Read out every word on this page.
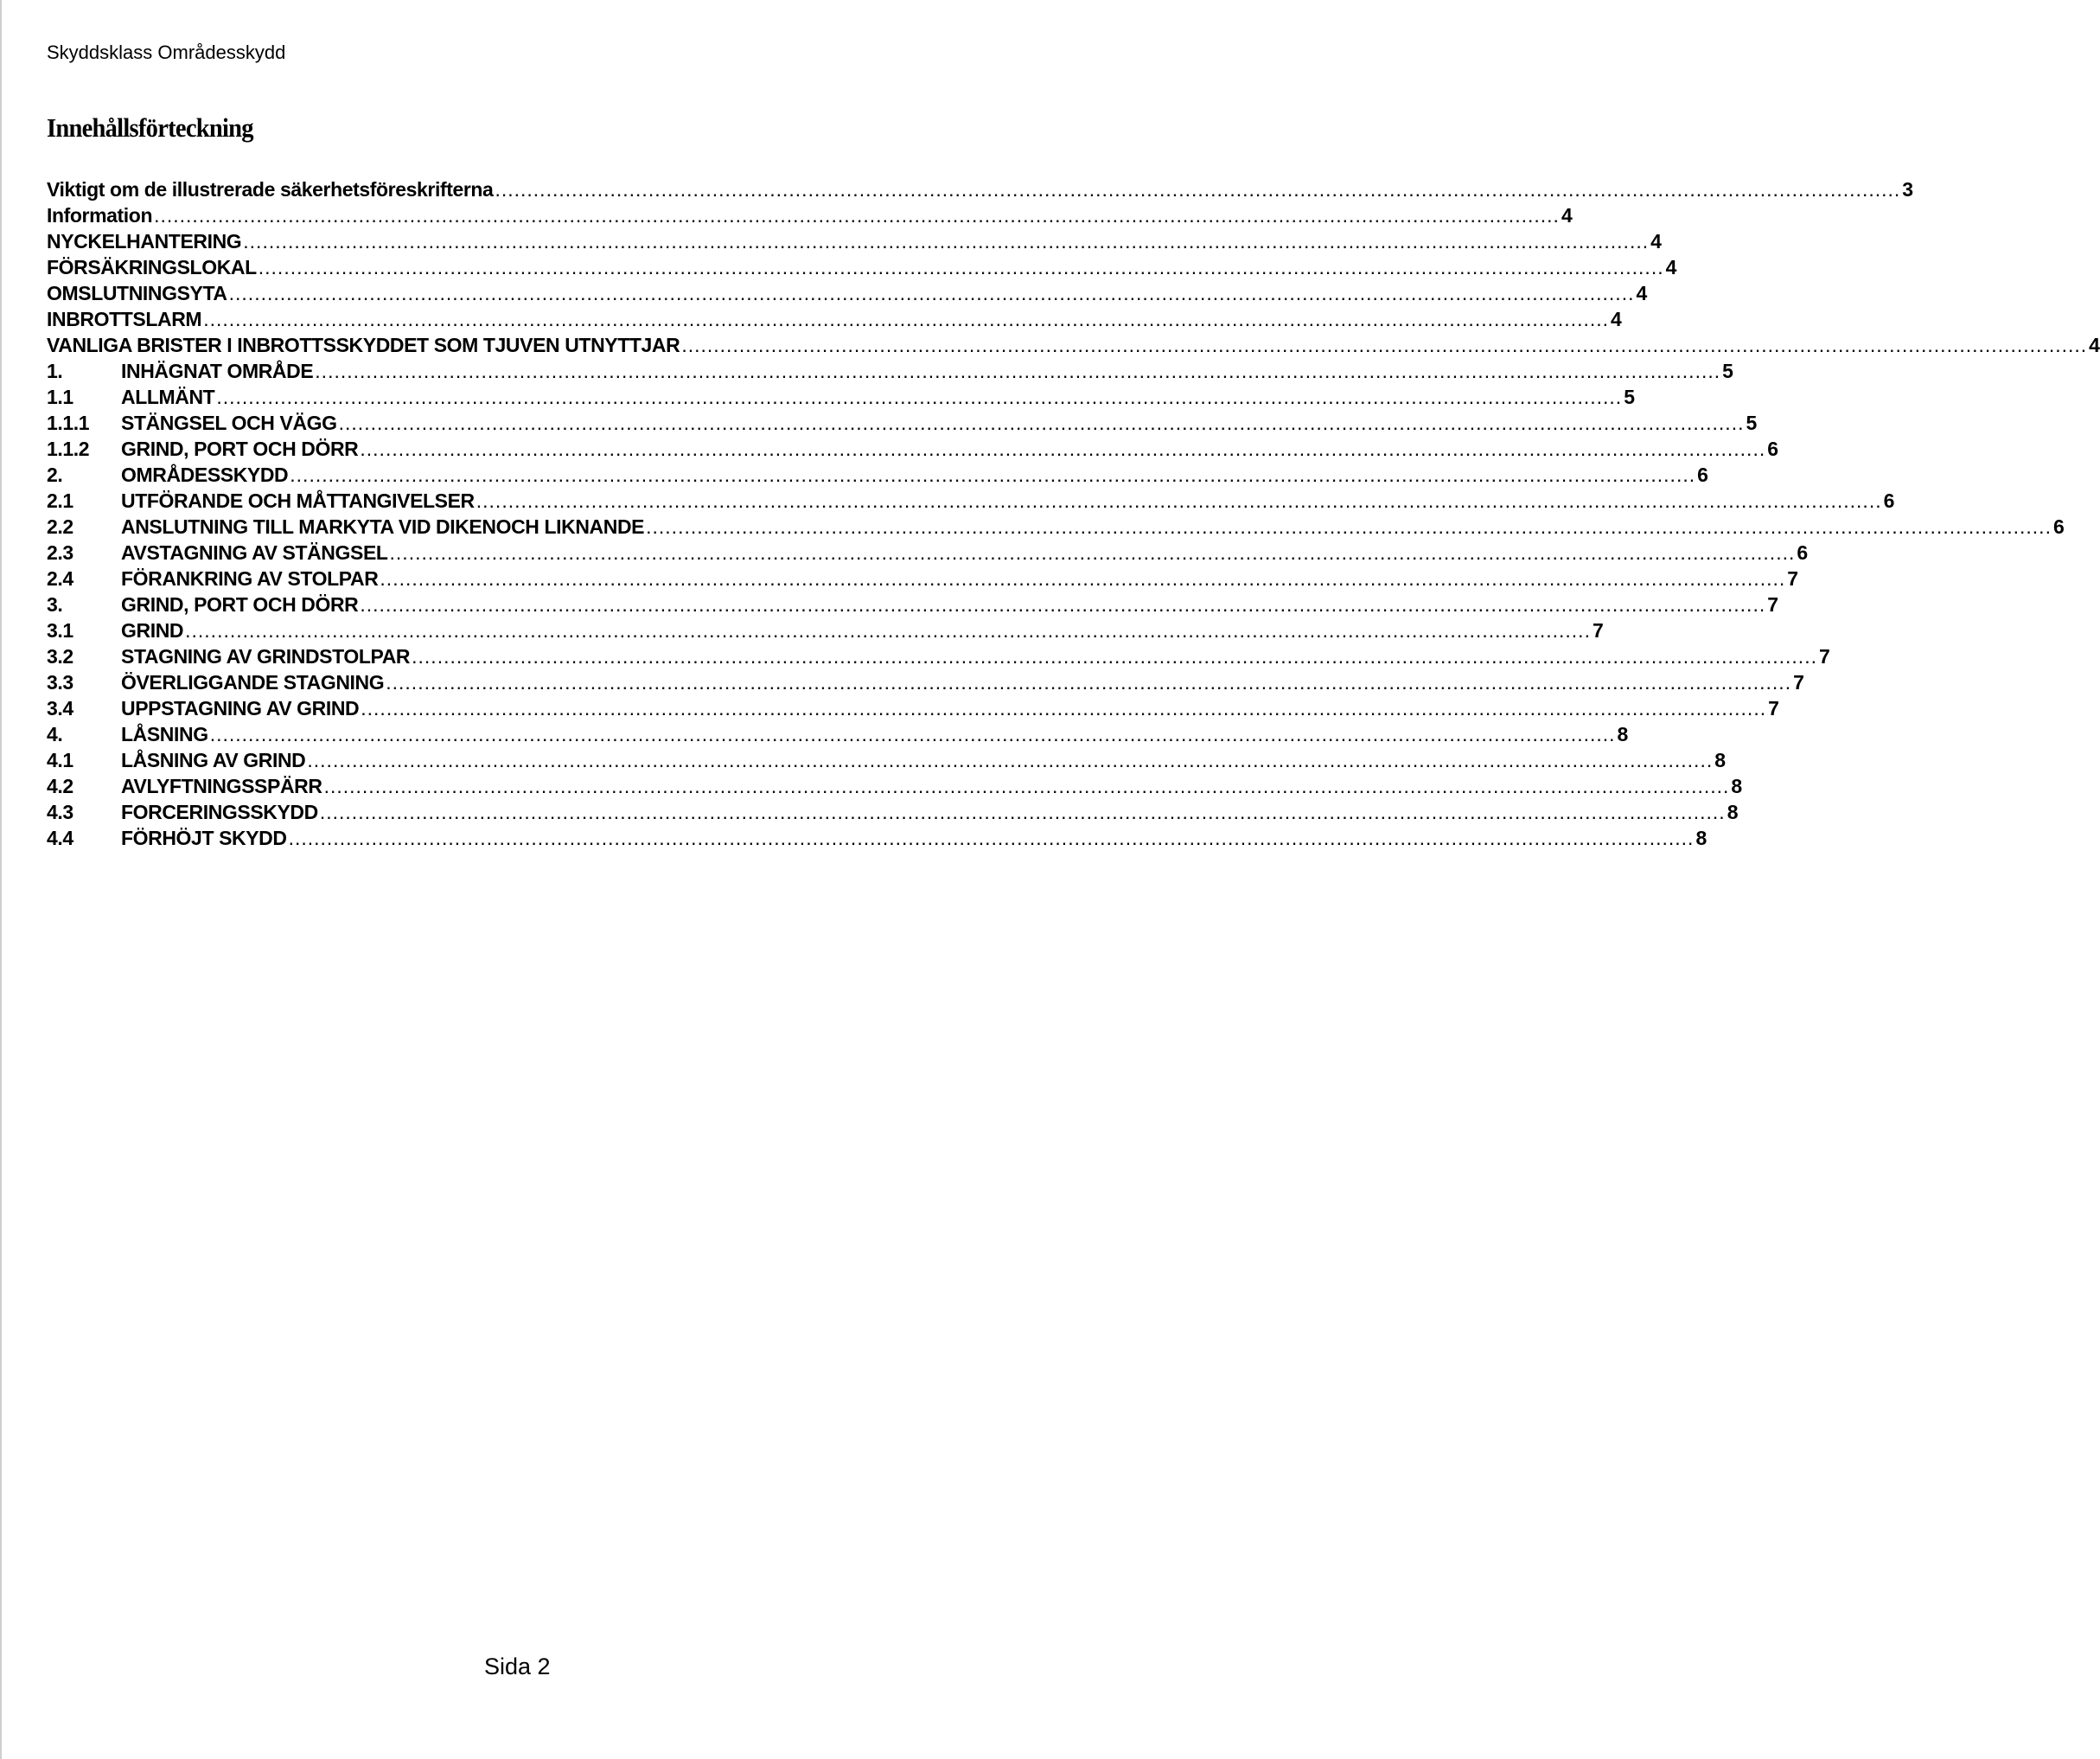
Skyddsklass Områdesskydd

Innehållsförteckning
Viktigt om de illustrerade säkerhetsföreskrifterna ............................................................................................................................................................................................................................ 3
Information ............................................................................................................................................................................................................................ 4
NYCKELHANTERING ............................................................................................................................................................................................................................ 4
FÖRSÄKRINGSLOKAL ............................................................................................................................................................................................................................ 4
OMSLUTNINGSYTA ............................................................................................................................................................................................................................ 4
INBROTTSLARM ............................................................................................................................................................................................................................ 4
VANLIGA BRISTER I INBROTTSSKYDDET SOM TJUVEN UTNYTTJAR ............................................................................................................................................................................................................................ 4
1.	INHÄGNAT OMRÅDE ............................................................................................................................................................................................................................ 5
1.1	ALLMÄNT ............................................................................................................................................................................................................................ 5
1.1.1	STÄNGSEL OCH VÄGG ............................................................................................................................................................................................................................ 5
1.1.2	GRIND, PORT OCH DÖRR ............................................................................................................................................................................................................................ 6
2.	OMRÅDESSKYDD ............................................................................................................................................................................................................................ 6
2.1	UTFÖRANDE OCH MÅTTANGIVELSER ............................................................................................................................................................................................................................ 6
2.2	ANSLUTNING TILL MARKYTA VID DIKENOCH LIKNANDE ............................................................................................................................................................................................................................ 6
2.3	AVSTAGNING AV STÄNGSEL ............................................................................................................................................................................................................................ 6
2.4	FÖRANKRING AV STOLPAR ............................................................................................................................................................................................................................ 7
3.	GRIND, PORT OCH DÖRR ............................................................................................................................................................................................................................ 7
3.1	GRIND ............................................................................................................................................................................................................................ 7
3.2	STAGNING AV GRINDSTOLPAR ............................................................................................................................................................................................................................ 7
3.3	ÖVERLIGGANDE STAGNING ............................................................................................................................................................................................................................ 7
3.4	UPPSTAGNING AV GRIND ............................................................................................................................................................................................................................ 7
4.	LÅSNING ............................................................................................................................................................................................................................ 8
4.1	LÅSNING AV GRIND ............................................................................................................................................................................................................................ 8
4.2	AVLYFTNINGSSPÄRR ............................................................................................................................................................................................................................ 8
4.3	FORCERINGSSKYDD ............................................................................................................................................................................................................................ 8
4.4	FÖRHÖJT SKYDD ............................................................................................................................................................................................................................ 8

Sida 2
